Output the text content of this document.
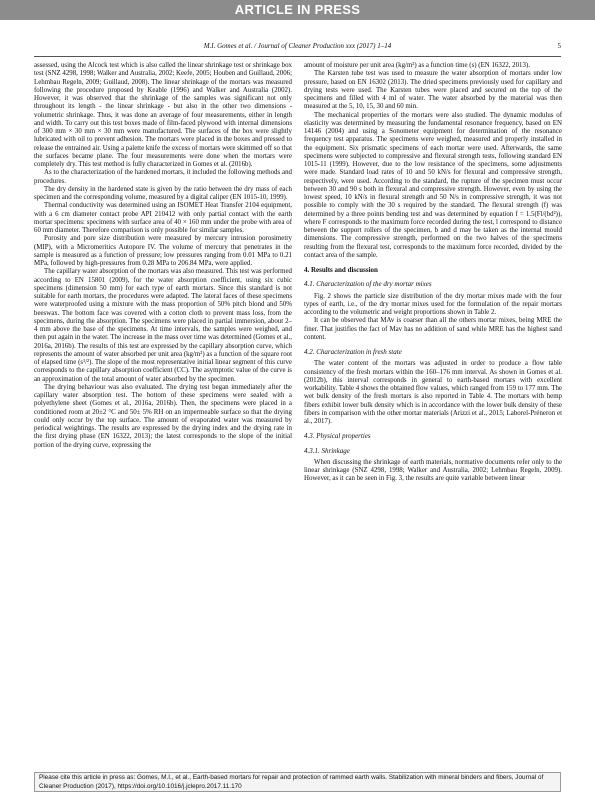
ARTICLE IN PRESS
M.I. Gomes et al. / Journal of Cleaner Production xxx (2017) 1–14	5

assessed, using the Alcock test which is also called the linear shrinkage test or shrinkage box test (SNZ 4298, 1998; Walker and Australia, 2002; Keefe, 2005; Houben and Guillaud, 2006; Lehmbau Regeln, 2009; Guillaud, 2008). The linear shrinkage of the mortars was measured following the procedure proposed by Keable (1996) and Walker and Australia (2002). However, it was observed that the shrinkage of the samples was significant not only throughout its length - the linear shrinkage - but also in the other two dimensions - volumetric shrinkage. Thus, it was done an average of four measurements, either in length and width. To carry out this test boxes made of film-faced plywood with internal dimensions of 300 mm × 30 mm × 30 mm were manufactured. The surfaces of the box were slightly lubricated with oil to prevent adhesion. The mortars were placed in the boxes and pressed to release the entrained air. Using a palette knife the excess of mortars were skimmed off so that the surfaces became plane. The four measurements were done when the mortars were completely dry. This test method is fully characterized in Gomes et al. (2016b).

As to the characterization of the hardened mortars, it included the following methods and procedures.

The dry density in the hardened state is given by the ratio between the dry mass of each specimen and the corresponding volume, measured by a digital caliper (EN 1015-10, 1999).

Thermal conductivity was determined using an ISOMET Heat Transfer 2104 equipment, with a 6 cm diameter contact probe API 210412 with only partial contact with the earth mortar specimens: specimens with surface area of 40 × 160 mm under the probe with area of 60 mm diameter. Therefore comparison is only possible for similar samples.

Porosity and pore size distribution were measured by mercury intrusion porosimetry (MIP), with a Micromeritics Autopore IV. The volume of mercury that penetrates in the sample is measured as a function of pressure; low pressures ranging from 0.01 MPa to 0.21 MPa, followed by high-pressures from 0.28 MPa to 206.84 MPa, were applied.

The capillary water absorption of the mortars was also measured. This test was performed according to EN 15801 (2009), for the water absorption coefficient, using six cubic specimens (dimension 50 mm) for each type of earth mortars. Since this standard is not suitable for earth mortars, the procedures were adapted. The lateral faces of these specimens were waterproofed using a mixture with the mass proportion of 50% pitch blond and 50% beeswax. The bottom face was covered with a cotton cloth to prevent mass loss, from the specimens, during the absorption. The specimens were placed in partial immersion, about 2–4 mm above the base of the specimens. At time intervals, the samples were weighed, and then put again in the water. The increase in the mass over time was determined (Gomes et al., 2016a, 2016b). The results of this test are expressed by the capillary absorption curve, which represents the amount of water absorbed per unit area (kg/m²) as a function of the square root of elapsed time (s¹/²). The slope of the most representative initial linear segment of this curve corresponds to the capillary absorption coefficient (CC). The asymptotic value of the curve is an approximation of the total amount of water absorbed by the specimen.

The drying behaviour was also evaluated. The drying test began immediately after the capillary water absorption test. The bottom of these specimens were sealed with a polyethylene sheet (Gomes et al., 2016a, 2016b). Then, the specimens were placed in a conditioned room at 20±2 °C and 50± 5% RH on an impermeable surface so that the drying could only occur by the top surface. The amount of evaporated water was measured by periodical weightings. The results are expressed by the drying index and the drying rate in the first drying phase (EN 16322, 2013); the latest corresponds to the slope of the initial portion of the drying curve, expressing the

amount of moisture per unit area (kg/m²) as a function time (s) (EN 16322, 2013).

The Karsten tube test was used to measure the water absorption of mortars under low pressure, based on EN 16302 (2013). The dried specimens previously used for capillary and drying tests were used. The Karsten tubes were placed and secured on the top of the specimens and filled with 4 ml of water. The water absorbed by the material was then measured at the 5, 10, 15, 30 and 60 min.

The mechanical properties of the mortars were also studied. The dynamic modulus of elasticity was determined by measuring the fundamental resonance frequency, based on EN 14146 (2004) and using a Sonometer equipment for determination of the resonance frequency test apparatus. The specimens were weighed, measured and properly installed in the equipment. Six prismatic specimens of each mortar were used. Afterwards, the same specimens were subjected to compressive and flexural strength tests, following standard EN 1015-11 (1999). However, due to the low resistance of the specimens, some adjustments were made. Standard load rates of 10 and 50 kN/s for flexural and compressive strength, respectively, were used. According to the standard, the rupture of the specimen must occur between 30 and 90 s both in flexural and compressive strength. However, even by using the lowest speed, 10 kN/s in flexural strength and 50 N/s in compressive strength, it was not possible to comply with the 30 s required by the standard. The flexural strength (f) was determined by a three points bending test and was determined by equation f = 1.5(Fl/(bd²)), where F corresponds to the maximum force recorded during the test, l correspond to distance between the support rollers of the specimen, b and d may be taken as the internal mould dimensions. The compressive strength, performed on the two halves of the specimens resulting from the flexural test, corresponds to the maximum force recorded, divided by the contact area of the sample.

4. Results and discussion
4.1. Characterization of the dry mortar mixes

Fig. 2 shows the particle size distribution of the dry mortar mixes made with the four types of earth, i.e., of the dry mortar mixes used for the formulation of the repair mortars according to the volumetric and weight proportions shown in Table 2.

It can be observed that MAv is coarser than all the others mortar mixes, being MRE the finer. That justifies the fact of Mav has no addition of sand while MRE has the highest sand content.

4.2. Characterization in fresh state

The water content of the mortars was adjusted in order to produce a flow table consistency of the fresh mortars within the 160–176 mm interval. As shown in Gomes et al. (2012b), this interval corresponds in general to earth-based mortars with excellent workability. Table 4 shows the obtained flow values, which ranged from 159 to 177 mm. The wet bulk density of the fresh mortars is also reported in Table 4. The mortars with hemp fibers exhibit lower bulk density which is in accordance with the lower bulk density of these fibers in comparison with the other mortar materials (Arizzi et al., 2015; Laborel-Préneron et al., 2017).

4.3. Physical properties
4.3.1. Shrinkage

When discussing the shrinkage of earth materials, normative documents refer only to the linear shrinkage (SNZ 4298, 1998; Walker and Australia, 2002; Lehmbau Regeln, 2009). However, as it can be seen in Fig. 3, the results are quite variable between linear

Please cite this article in press as: Gomes, M.I., et al., Earth-based mortars for repair and protection of rammed earth walls. Stabilization with mineral binders and fibers, Journal of Cleaner Production (2017), https://doi.org/10.1016/j.jclepro.2017.11.170
